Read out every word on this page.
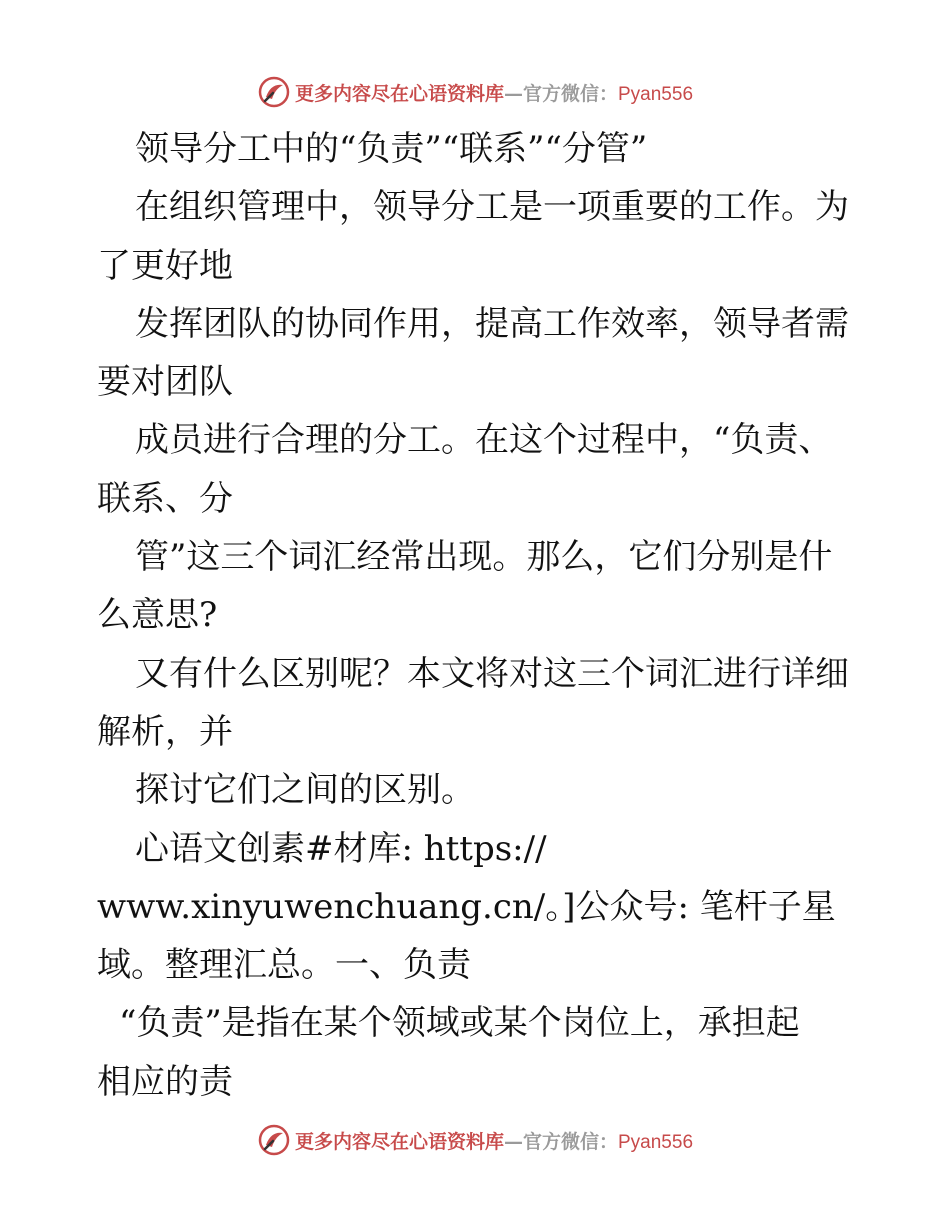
更多内容尽在心语资料库—官方微信：Pyan556
领导分工中的“负责”“联系”“分管”
在组织管理中，领导分工是一项重要的工作。为
了更好地
发挥团队的协同作用，提高工作效率，领导者需
要对团队
成员进行合理的分工。在这个过程中，“负责、
联系、分
管”这三个词汇经常出现。那么，它们分别是什
么意思?
又有什么区别呢？本文将对这三个词汇进行详细
解析，并
探讨它们之间的区别。
心语文创素#材库: https://
www.xinyuwenchuang.cn/。]公众号: 笔杆子星
域。整理汇总。一、负责
“负责”是指在某个领域或某个岗位上，承担起
相应的责
更多内容尽在心语资料库—官方微信：Pyan556
